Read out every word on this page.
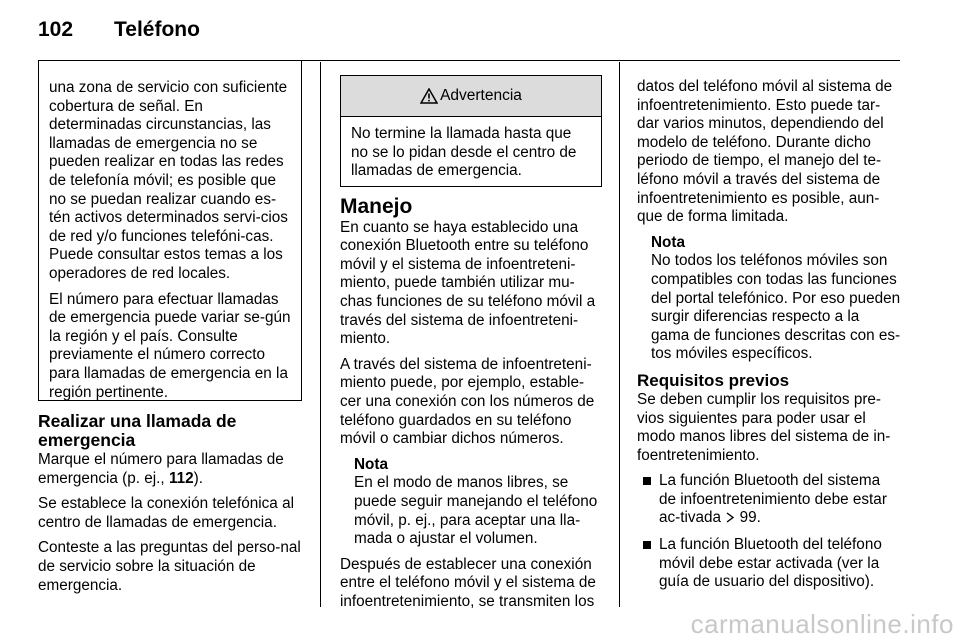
102 Teléfono

una zona de servicio con suficiente cobertura de señal. En determinadas circunstancias, las llamadas de emergencia no se pueden realizar en todas las redes de telefonía móvil; es posible que no se puedan realizar cuando es-tén activos determinados servi-cios de red y/o funciones telefóni-cas. Puede consultar estos temas a los operadores de red locales.

El número para efectuar llamadas de emergencia puede variar se-gún la región y el país. Consulte previamente el número correcto para llamadas de emergencia en la región pertinente.

Realizar una llamada de emergencia

Marque el número para llamadas de emergencia (p. ej., 112).

Se establece la conexión telefónica al centro de llamadas de emergencia.

Conteste a las preguntas del perso-nal de servicio sobre la situación de emergencia.

Advertencia
No termine la llamada hasta que no se lo pidan desde el centro de llamadas de emergencia.
Manejo

En cuanto se haya establecido una conexión Bluetooth entre su teléfono móvil y el sistema de infoentreteni-miento, puede también utilizar mu-chas funciones de su teléfono móvil a través del sistema de infoentreteni-miento.

A través del sistema de infoentreteni-miento puede, por ejemplo, estable-cer una conexión con los números de teléfono guardados en su teléfono móvil o cambiar dichos números.

Nota
En el modo de manos libres, se puede seguir manejando el teléfono móvil, p. ej., para aceptar una lla-mada o ajustar el volumen.

Después de establecer una conexión entre el teléfono móvil y el sistema de infoentretenimiento, se transmiten los

datos del teléfono móvil al sistema de infoentretenimiento. Esto puede tar-dar varios minutos, dependiendo del modelo de teléfono. Durante dicho periodo de tiempo, el manejo del te-léfono móvil a través del sistema de infoentretenimiento es posible, aun-que de forma limitada.

Nota
No todos los teléfonos móviles son compatibles con todas las funciones del portal telefónico. Por eso pueden surgir diferencias respecto a la gama de funciones descritas con es-tos móviles específicos.
Requisitos previos

Se deben cumplir los requisitos pre-vios siguientes para poder usar el modo manos libres del sistema de in-foentretenimiento.

La función Bluetooth del sistema de infoentretenimiento debe estar ac-tivada  99.
La función Bluetooth del teléfono móvil debe estar activada (ver la guía de usuario del dispositivo).
carmanualsonline.info
